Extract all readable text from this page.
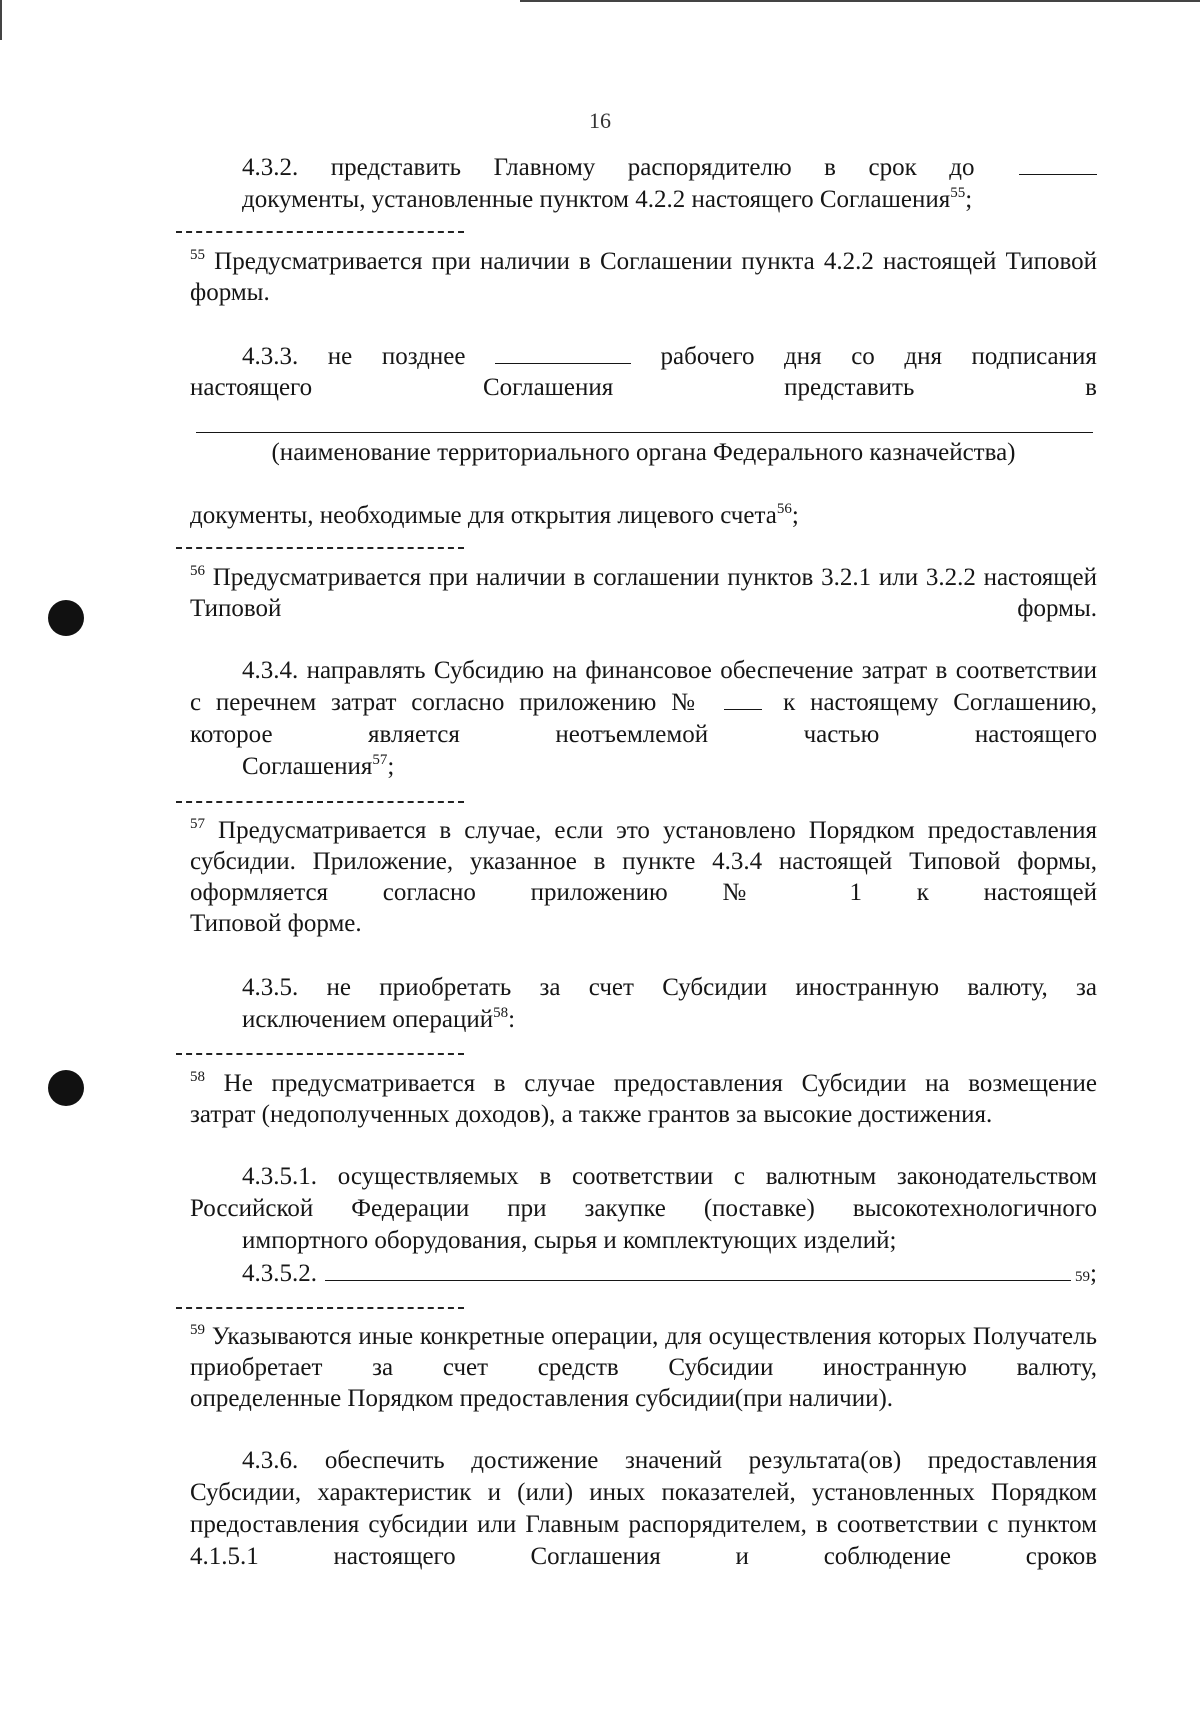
16

4.3.2. представить Главному распорядителю в срок до
документы, установленные пунктом 4.2.2 настоящего Соглашения$^{55}$;

$^{55}$ Предусматривается при наличии в Соглашении пункта 4.2.2 настоящей Типовой формы.

4.3.3. не позднее	рабочего дня со дня подписания
настоящего	Соглашения	представить	в
(наименование территориального органа Федерального казначейства)

документы, необходимые для открытия лицевого счета$^{56}$;

$^{56}$ Предусматривается при наличии в соглашении пунктов 3.2.1 или 3.2.2 настоящей Типовой формы.

4.3.4. направлять Субсидию на финансовое обеспечение затрат в соответствии с перечнем затрат согласно приложению №	к настоящему Соглашению, которое является неотъемлемой частью настоящего
Соглашения$^{57}$;

$^{57}$ Предусматривается в случае, если это установлено Порядком предоставления субсидии. Приложение, указанное в пункте 4.3.4 настоящей Типовой формы, оформляется согласно приложению № 1 к настоящей
Типовой форме.

4.3.5. не приобретать за счет Субсидии иностранную валюту, за
исключением операций$^{58}$:

$^{58}$ Не предусматривается в случае предоставления Субсидии на возмещение
затрат (недополученных доходов), а также грантов за высокие достижения.

4.3.5.1. осуществляемых в соответствии с валютным законодательством Российской Федерации при закупке (поставке) высокотехнологичного
импортного оборудования, сырья и комплектующих изделий;

4.3.5.2.	59 ;

$^{59}$ Указываются иные конкретные операции, для осуществления которых Получатель приобретает за счет средств Субсидии иностранную валюту,
определенные Порядком предоставления субсидии(при наличии).

4.3.6. обеспечить достижение значений результата(ов) предоставления Субсидии, характеристик и (или) иных показателей, установленных Порядком предоставления субсидии или Главным распорядителем, в соответствии с пунктом 4.1.5.1 настоящего Соглашения и соблюдение сроков
